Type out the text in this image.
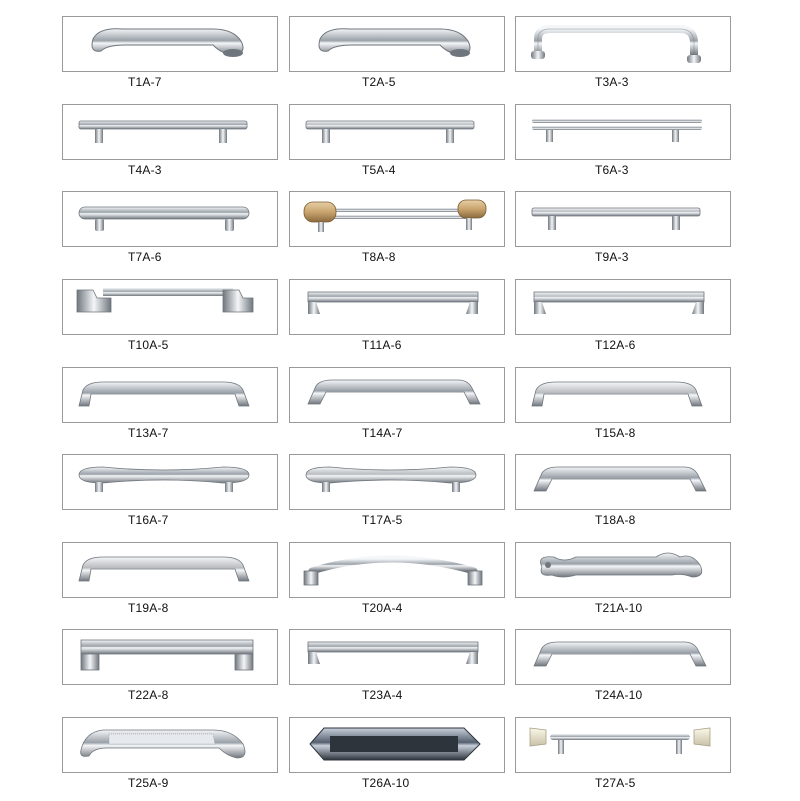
T1A-7	T2A-5	T3A-3
T4A-3	T5A-4	T6A-3
T7A-6	T8A-8	T9A-3
T10A-5	T11A-6	T12A-6
T13A-7	T14A-7	T15A-8
T16A-7	T17A-5	T18A-8
T19A-8	T20A-4	T21A-10
T22A-8	T23A-4	T24A-10
T25A-9	T26A-10	T27A-5
